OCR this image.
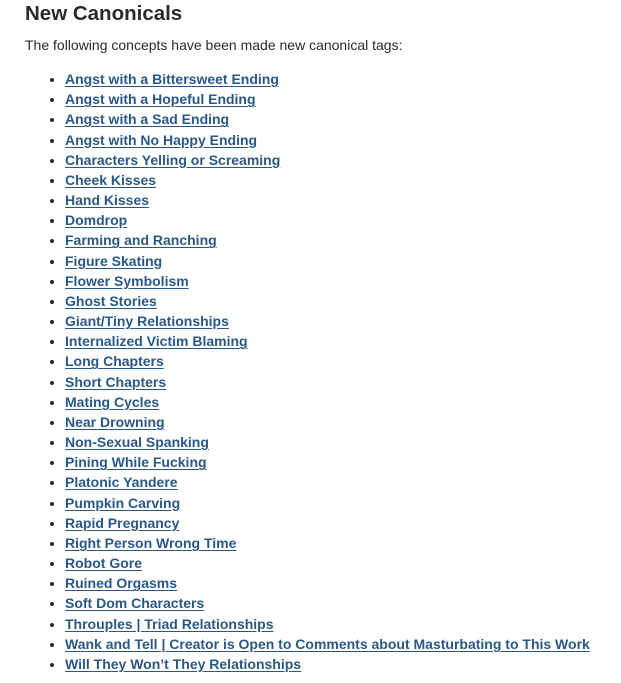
New Canonicals

The following concepts have been made new canonical tags:

• Angst with a Bittersweet Ending
• Angst with a Hopeful Ending
• Angst with a Sad Ending
• Angst with No Happy Ending
• Characters Yelling or Screaming
• Cheek Kisses
• Hand Kisses
• Domdrop
• Farming and Ranching
• Figure Skating
• Flower Symbolism
• Ghost Stories
• Giant/Tiny Relationships
• Internalized Victim Blaming
• Long Chapters
• Short Chapters
• Mating Cycles
• Near Drowning
• Non-Sexual Spanking
• Pining While Fucking
• Platonic Yandere
• Pumpkin Carving
• Rapid Pregnancy
• Right Person Wrong Time
• Robot Gore
• Ruined Orgasms
• Soft Dom Characters
• Throuples | Triad Relationships
• Wank and Tell | Creator is Open to Comments about Masturbating to This Work
• Will They Won’t They Relationships
